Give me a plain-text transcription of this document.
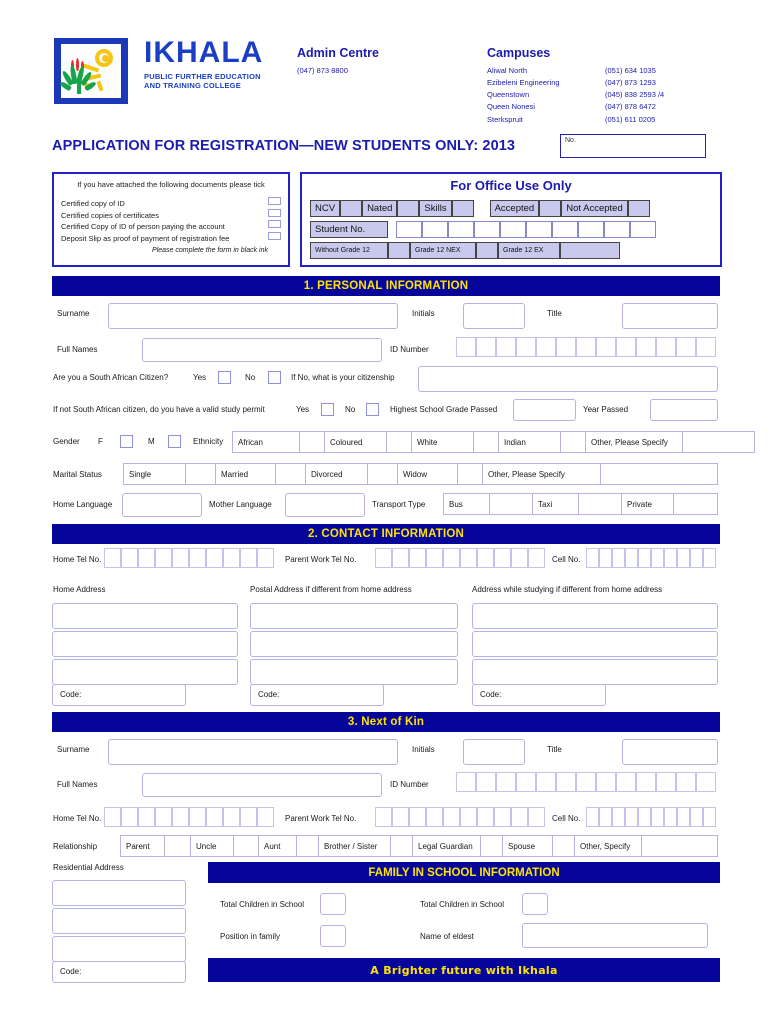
IKHALA
PUBLIC FURTHER EDUCATION
AND TRAINING COLLEGE
Admin Centre
(047) 873 8800
Campuses
Aliwal North	(051) 634 1035
Ezibeleni Engineering	(047) 873 1293
Queenstown	(045) 838 2593 /4
Queen Nonesi	(047) 878 6472
Sterkspruit	(051) 611 0205
APPLICATION FOR REGISTRATION—NEW STUDENTS ONLY: 2013	No.
If you have attached the following documents please tick
Certified copy of ID
Certified copies of certificates
Certified Copy of ID of person paying the account
Deposit Slip as proof of payment of registration fee
Please complete the form in black ink
For Office Use Only
NCV	Nated	Skills	Accepted	Not Accepted
Student No.
Without Grade 12	Grade 12 NEX	Grade 12 EX
1. PERSONAL INFORMATION
Surname	Initials	Title
Full Names	ID Number
Are you a South African Citizen?	Yes	No	If No, what is your citizenship
If not South African citizen, do you have a valid study permit	Yes	No	Highest School Grade Passed	Year Passed
Gender F	M	Ethnicity	African	Coloured	White	Indian	Other, Please Specify
Marital Status	Single	Married	Divorced	Widow	Other, Please Specify
Home Language	Mother Language	Transport Type	Bus	Taxi	Private
2. CONTACT INFORMATION
Home Tel No.	Parent Work Tel No.	Cell No.
Home Address	Postal Address if different from home address	Address while studying if different from home address
Code:	Code:	Code:
3. Next of Kin
Surname	Initials	Title
Full Names	ID Number
Home Tel No.	Parent Work Tel No.	Cell No.
Relationship	Parent	Uncle	Aunt	Brother / Sister	Legal Guardian	Spouse	Other, Specify
Residential Address
Code:
FAMILY IN SCHOOL INFORMATION
Total Children in School	Total Children in School
Position in family	Name of eldest
A Brighter future with Ikhala
